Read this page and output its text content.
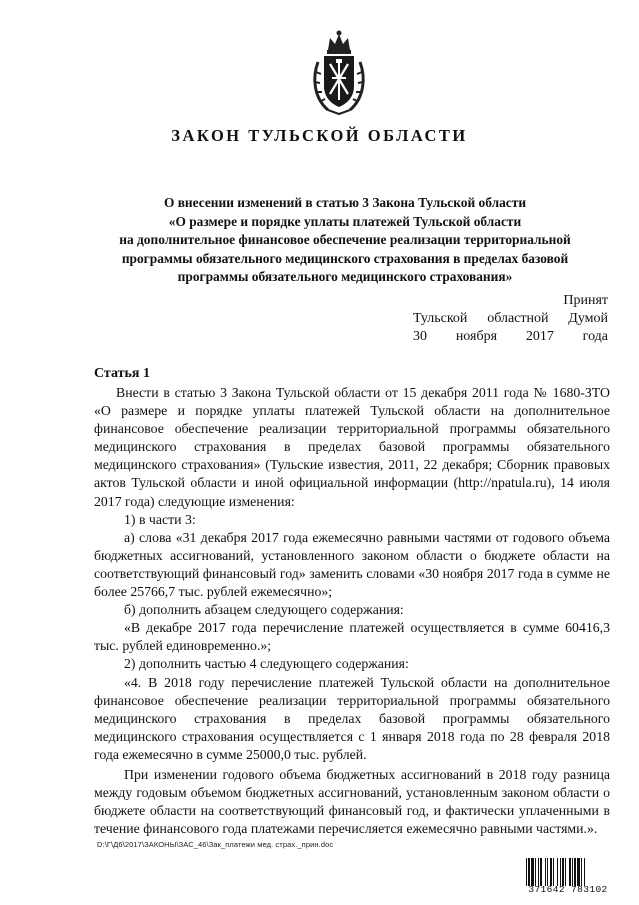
ЗАКОН ТУЛЬСКОЙ ОБЛАСТИ
О внесении изменений в статью 3 Закона Тульской области
«О размере и порядке уплаты платежей Тульской области
на дополнительное финансовое обеспечение реализации территориальной
программы обязательного медицинского страхования в пределах базовой
программы обязательного медицинского страхования»
Принят
Тульской областной Думой
30 ноября 2017 года
Статья 1

Внести в статью 3 Закона Тульской области от 15 декабря 2011 года № 1680-ЗТО «О размере и порядке уплаты платежей Тульской области на дополнительное финансовое обеспечение реализации территориальной программы обязательного медицинского страхования в пределах базовой программы обязательного медицинского страхования» (Тульские известия, 2011, 22 декабря; Сборник правовых актов Тульской области и иной официальной информации (http://npatula.ru), 14 июля 2017 года) следующие изменения:

1) в части 3:

а) слова «31 декабря 2017 года ежемесячно равными частями от годового объема бюджетных ассигнований, установленного законом области о бюджете области на соответствующий финансовый год» заменить словами «30 ноября 2017 года в сумме не более 25766,7 тыс. рублей ежемесячно»;

б) дополнить абзацем следующего содержания:

«В декабре 2017 года перечисление платежей осуществляется в сумме 60416,3 тыс. рублей единовременно.»;

2) дополнить частью 4 следующего содержания:

«4. В 2018 году перечисление платежей Тульской области на дополнительное финансовое обеспечение реализации территориальной программы обязательного медицинского страхования в пределах базовой программы обязательного медицинского страхования осуществляется с 1 января 2018 года по 28 февраля 2018 года ежемесячно в сумме 25000,0 тыс. рублей.

При изменении годового объема бюджетных ассигнований в 2018 году разница между годовым объемом бюджетных ассигнований, установленным законом области о бюджете области на соответствующий финансовый год, и фактически уплаченными в течение финансового года платежами перечисляется ежемесячно равными частями.».

D:\Г\Д6\2017\ЗАКОНЫ\ЗАС_46\Зак_платежи мед. страх._прин.doc
371642 783102
